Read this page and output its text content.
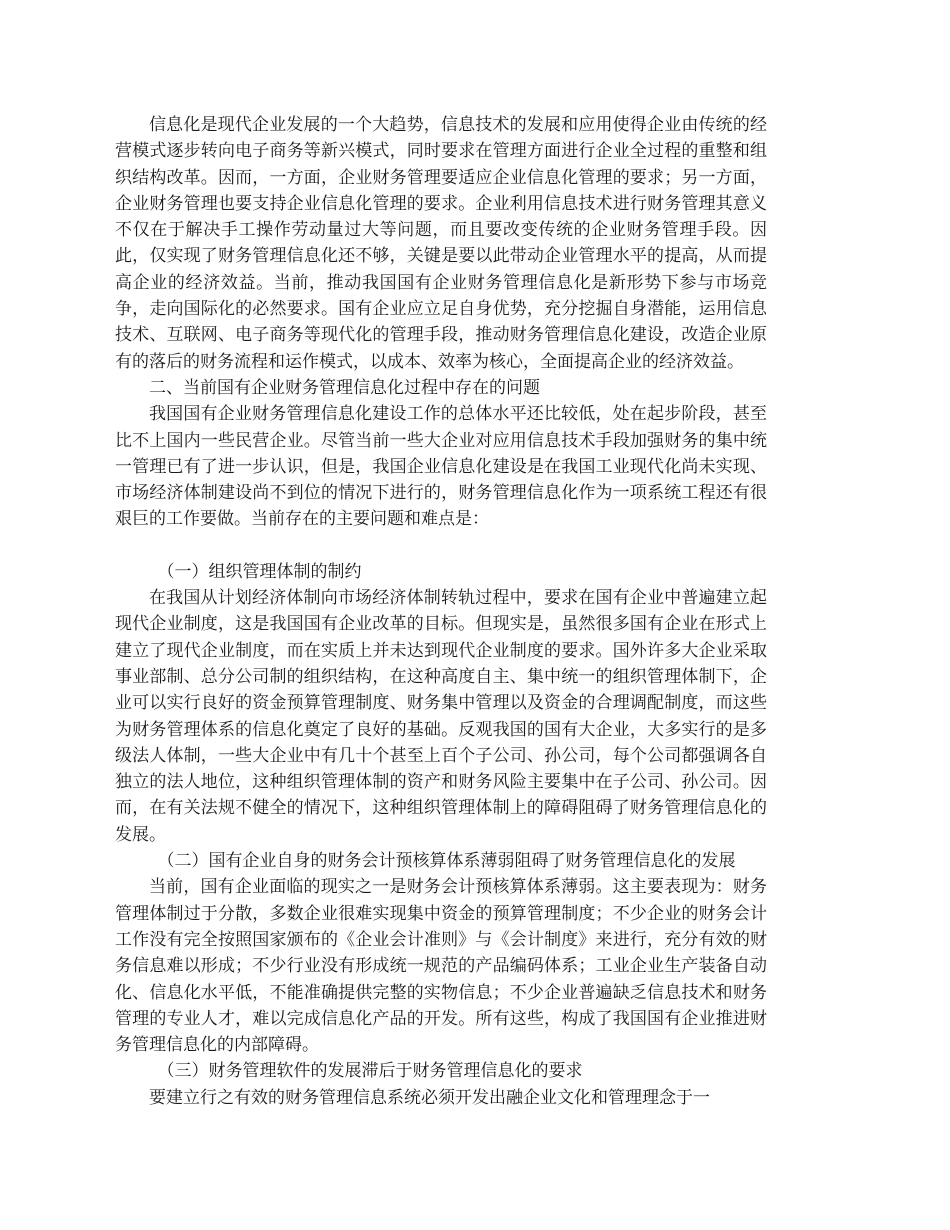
信息化是现代企业发展的一个大趋势，信息技术的发展和应用使得企业由传统的经营模式逐步转向电子商务等新兴模式，同时要求在管理方面进行企业全过程的重整和组织结构改革。因而，一方面，企业财务管理要适应企业信息化管理的要求；另一方面，企业财务管理也要支持企业信息化管理的要求。企业利用信息技术进行财务管理其意义不仅在于解决手工操作劳动量过大等问题，而且要改变传统的企业财务管理手段。因此，仅实现了财务管理信息化还不够，关键是要以此带动企业管理水平的提高，从而提高企业的经济效益。当前，推动我国国有企业财务管理信息化是新形势下参与市场竞争，走向国际化的必然要求。国有企业应立足自身优势，充分挖掘自身潜能，运用信息技术、互联网、电子商务等现代化的管理手段，推动财务管理信息化建设，改造企业原有的落后的财务流程和运作模式，以成本、效率为核心，全面提高企业的经济效益。

二、当前国有企业财务管理信息化过程中存在的问题

我国国有企业财务管理信息化建设工作的总体水平还比较低，处在起步阶段，甚至比不上国内一些民营企业。尽管当前一些大企业对应用信息技术手段加强财务的集中统一管理已有了进一步认识，但是，我国企业信息化建设是在我国工业现代化尚未实现、市场经济体制建设尚不到位的情况下进行的，财务管理信息化作为一项系统工程还有很艰巨的工作要做。当前存在的主要问题和难点是：

（一）组织管理体制的制约

在我国从计划经济体制向市场经济体制转轨过程中，要求在国有企业中普遍建立起现代企业制度，这是我国国有企业改革的目标。但现实是，虽然很多国有企业在形式上建立了现代企业制度，而在实质上并未达到现代企业制度的要求。国外许多大企业采取事业部制、总分公司制的组织结构，在这种高度自主、集中统一的组织管理体制下，企业可以实行良好的资金预算管理制度、财务集中管理以及资金的合理调配制度，而这些为财务管理体系的信息化奠定了良好的基础。反观我国的国有大企业，大多实行的是多级法人体制，一些大企业中有几十个甚至上百个子公司、孙公司，每个公司都强调各自独立的法人地位，这种组织管理体制的资产和财务风险主要集中在子公司、孙公司。因而，在有关法规不健全的情况下，这种组织管理体制上的障碍阻碍了财务管理信息化的发展。

（二）国有企业自身的财务会计预核算体系薄弱阻碍了财务管理信息化的发展

当前，国有企业面临的现实之一是财务会计预核算体系薄弱。这主要表现为：财务管理体制过于分散，多数企业很难实现集中资金的预算管理制度；不少企业的财务会计工作没有完全按照国家颁布的《企业会计准则》与《会计制度》来进行，充分有效的财务信息难以形成；不少行业没有形成统一规范的产品编码体系；工业企业生产装备自动化、信息化水平低，不能准确提供完整的实物信息；不少企业普遍缺乏信息技术和财务管理的专业人才，难以完成信息化产品的开发。所有这些，构成了我国国有企业推进财务管理信息化的内部障碍。

（三）财务管理软件的发展滞后于财务管理信息化的要求

要建立行之有效的财务管理信息系统必须开发出融企业文化和管理理念于一
